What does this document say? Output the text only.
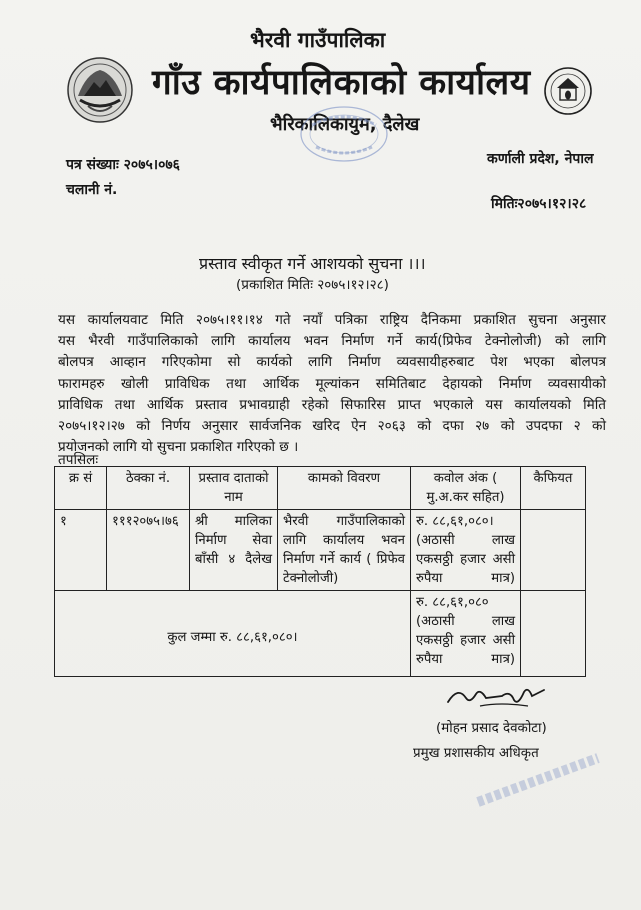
भैरवी गाउँपालिका
गाँउ कार्यपालिकाको कार्यालय
भैरिकालिकायुम, दैलेख
पत्र संख्याः २०७५।०७६
चलानी नं.
कर्णाली प्रदेश, नेपाल
मितिः२०७५।१२।२८
प्रस्ताव स्वीकृत गर्ने आशयको सुचना ।।।
(प्रकाशित मितिः २०७५।१२।२८)
यस कार्यालयवाट मिति २०७५।११।१४ गते नयाँ पत्रिका राष्ट्रिय दैनिकमा प्रकाशित सुचना अनुसार
यस भैरवी गाउँपालिकाको लागि कार्यालय भवन निर्माण गर्ने कार्य(प्रिफेव टेक्नोलोजी) को लागि
बोलपत्र आव्हान गरिएकोमा सो कार्यको लागि निर्माण व्यवसायीहरुबाट पेश भएका बोलपत्र
फारामहरु खोली प्राविधिक तथा आर्थिक मूल्यांकन समितिबाट देहायको निर्माण व्यवसायीको
प्राविधिक तथा आर्थिक प्रस्ताव प्रभावग्राही रहेको सिफारिस प्राप्त भएकाले यस कार्यालयको मिति
२०७५।१२।२७ को निर्णय अनुसार सार्वजनिक खरिद ऐन २०६३ को दफा २७ को उपदफा २ को
प्रयोजनको लागि यो सुचना प्रकाशित गरिएको छ ।
तपसिलः
क्र सं	ठेक्का नं.	प्रस्ताव दाताको नाम	कामको विवरण	कवोल अंक ( मु.अ.कर सहित)	कैफियत
१	१११२०७५।७६	श्री मालिका निर्माण सेवा बाँसी ४ दैलेख	भैरवी गाउँपालिकाको लागि कार्यालय भवन निर्माण गर्ने कार्य ( प्रिफेव टेक्नोलोजी)	रु. ८८,६१,०८०।
(अठासी लाख एकसठ्ठी हजार असी रुपैया मात्र)	

कुल जम्मा रु. ८८,६१,०८०।				रु. ८८,६१,०८०
(अठासी लाख एकसठ्ठी हजार असी रुपैया मात्र)	

(मोहन प्रसाद देवकोटा)
प्रमुख प्रशासकीय अधिकृत
